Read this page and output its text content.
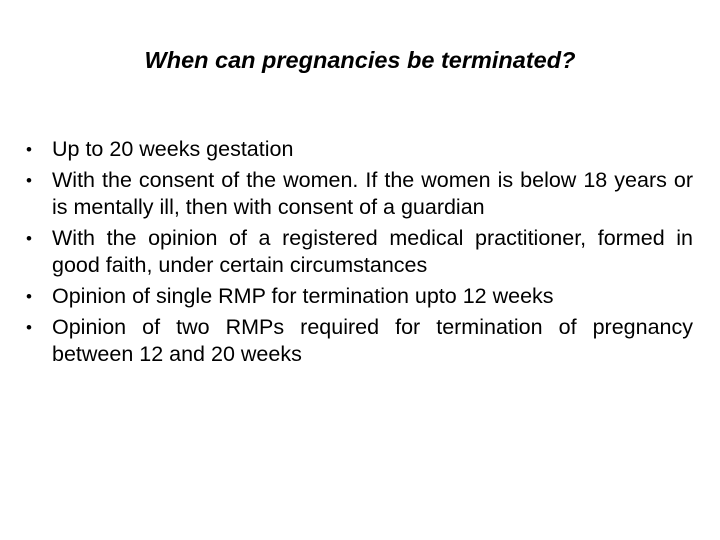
When can pregnancies be terminated?
• Up to 20 weeks gestation
• With the consent of the women. If the women is below 18 years or is mentally ill, then with consent of a guardian
• With the opinion of a registered medical practitioner, formed in good faith, under certain circumstances
• Opinion of single RMP for termination upto 12 weeks
• Opinion of two RMPs required for termination of pregnancy between 12 and 20 weeks
